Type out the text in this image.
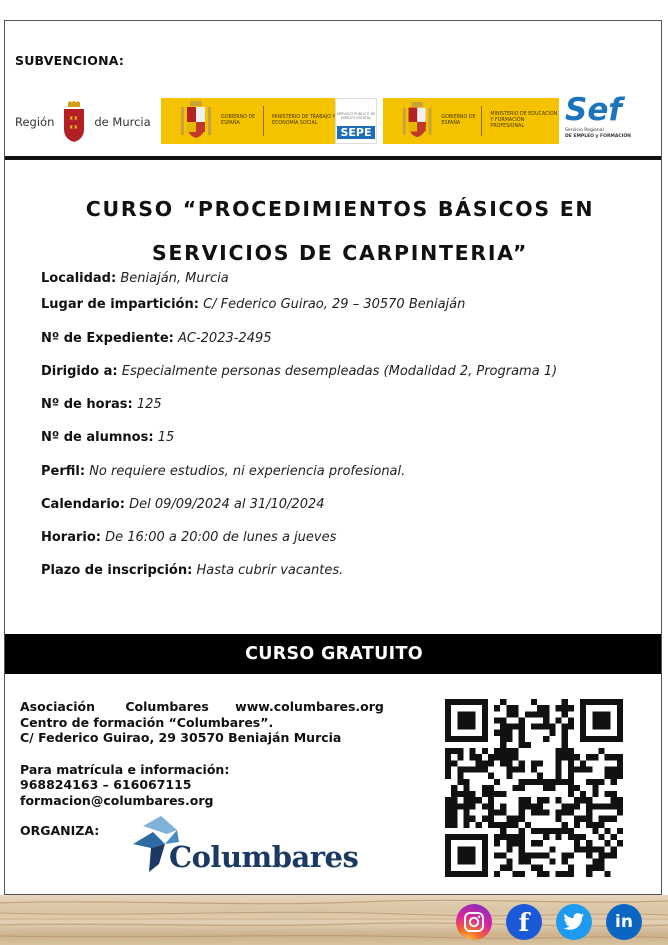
SUBVENCIONA:
Región	♜♜
♜♜ de Murcia	GOBIERNO DE ESPAÑA
MINISTERIO DE TRABAJO Y ECONOMÍA SOCIAL
SERVICIO PÚBLICO DE EMPLEO ESTATAL
SEPE
GOBIERNO DE ESPAÑA
MINISTERIO DE EDUCACIÓN Y FORMACIÓN PROFESIONAL	Sef
Servicio Regional
DE EMPLEO y FORMACIÓN
CURSO “PROCEDIMIENTOS BÁSICOS EN
SERVICIOS DE CARPINTERIA”
Localidad: Beniaján, Murcia
Lugar de impartición: C/ Federico Guirao, 29 – 30570 Beniaján
Nº de Expediente: AC-2023-2495
Dirigido a: Especialmente personas desempleadas (Modalidad 2, Programa 1)
Nº de horas: 125
Nº de alumnos: 15
Perfil: No requiere estudios, ni experiencia profesional.
Calendario: Del 09/09/2024 al 31/10/2024
Horario: De 16:00 a 20:00 de lunes a jueves
Plazo de inscripción: Hasta cubrir vacantes.
CURSO GRATUITO
Asociación Columbares www.columbares.org
Centro de formación “Columbares”.
C/ Federico Guirao, 29 30570 Beniaján Murcia
Para matrícula e información:
968824163 – 616067115
formacion@columbares.org
ORGANIZA:
Columbares
f	in
